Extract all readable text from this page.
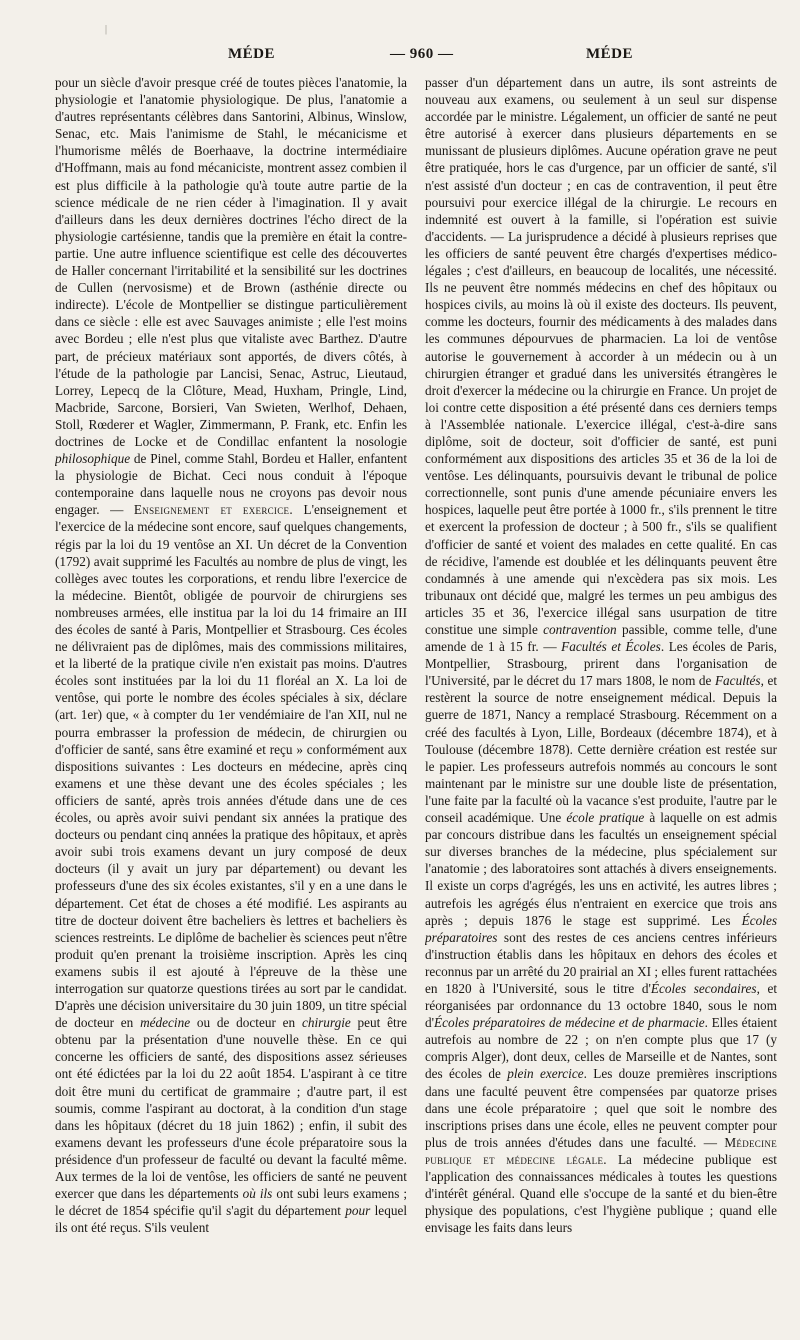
|
MÉDE	— 960 —	MÉDE

pour un siècle d'avoir presque créé de toutes pièces l'anatomie, la physiologie et l'anatomie physiologique. De plus, l'anatomie a d'autres représentants célèbres dans Santorini, Albinus, Winslow, Senac, etc. Mais l'animisme de Stahl, le mécanicisme et l'humorisme mêlés de Boerhaave, la doctrine intermédiaire d'Hoffmann, mais au fond mécaniciste, montrent assez combien il est plus difficile à la pathologie qu'à toute autre partie de la science médicale de ne rien céder à l'imagination. Il y avait d'ailleurs dans les deux dernières doctrines l'écho direct de la physiologie cartésienne, tandis que la première en était la contre-partie. Une autre influence scientifique est celle des découvertes de Haller concernant l'irritabilité et la sensibilité sur les doctrines de Cullen (nervosisme) et de Brown (asthénie directe ou indirecte). L'école de Montpellier se distingue particulièrement dans ce siècle : elle est avec Sauvages animiste ; elle l'est moins avec Bordeu ; elle n'est plus que vitaliste avec Barthez. D'autre part, de précieux matériaux sont apportés, de divers côtés, à l'étude de la pathologie par Lancisi, Senac, Astruc, Lieutaud, Lorrey, Lepecq de la Clôture, Mead, Huxham, Pringle, Lind, Macbride, Sarcone, Borsieri, Van Swieten, Werlhof, Dehaen, Stoll, Rœderer et Wagler, Zimmermann, P. Frank, etc. Enfin les doctrines de Locke et de Condillac enfantent la nosologie philosophique de Pinel, comme Stahl, Bordeu et Haller, enfantent la physiologie de Bichat. Ceci nous conduit à l'époque contemporaine dans laquelle nous ne croyons pas devoir nous engager. — Enseignement et exercice. L'enseignement et l'exercice de la médecine sont encore, sauf quelques changements, régis par la loi du 19 ventôse an XI. Un décret de la Convention (1792) avait supprimé les Facultés au nombre de plus de vingt, les collèges avec toutes les corporations, et rendu libre l'exercice de la médecine. Bientôt, obligée de pourvoir de chirurgiens ses nombreuses armées, elle institua par la loi du 14 frimaire an III des écoles de santé à Paris, Montpellier et Strasbourg. Ces écoles ne délivraient pas de diplômes, mais des commissions militaires, et la liberté de la pratique civile n'en existait pas moins. D'autres écoles sont instituées par la loi du 11 floréal an X. La loi de ventôse, qui porte le nombre des écoles spéciales à six, déclare (art. 1er) que, « à compter du 1er vendémiaire de l'an XII, nul ne pourra embrasser la profession de médecin, de chirurgien ou d'officier de santé, sans être examiné et reçu » conformément aux dispositions suivantes : Les docteurs en médecine, après cinq examens et une thèse devant une des écoles spéciales ; les officiers de santé, après trois années d'étude dans une de ces écoles, ou après avoir suivi pendant six années la pratique des docteurs ou pendant cinq années la pratique des hôpitaux, et après avoir subi trois examens devant un jury composé de deux docteurs (il y avait un jury par département) ou devant les professeurs d'une des six écoles existantes, s'il y en a une dans le département. Cet état de choses a été modifié. Les aspirants au titre de docteur doivent être bacheliers ès lettres et bacheliers ès sciences restreints. Le diplôme de bachelier ès sciences peut n'être produit qu'en prenant la troisième inscription. Après les cinq examens subis il est ajouté à l'épreuve de la thèse une interrogation sur quatorze questions tirées au sort par le candidat. D'après une décision universitaire du 30 juin 1809, un titre spécial de docteur en médecine ou de docteur en chirurgie peut être obtenu par la présentation d'une nouvelle thèse. En ce qui concerne les officiers de santé, des dispositions assez sérieuses ont été édictées par la loi du 22 août 1854. L'aspirant à ce titre doit être muni du certificat de grammaire ; d'autre part, il est soumis, comme l'aspirant au doctorat, à la condition d'un stage dans les hôpitaux (décret du 18 juin 1862) ; enfin, il subit des examens devant les professeurs d'une école préparatoire sous la présidence d'un professeur de faculté ou devant la faculté même. Aux termes de la loi de ventôse, les officiers de santé ne peuvent exercer que dans les départements où ils ont subi leurs examens ; le décret de 1854 spécifie qu'il s'agit du département pour lequel ils ont été reçus. S'ils veulent

passer d'un département dans un autre, ils sont astreints de nouveau aux examens, ou seulement à un seul sur dispense accordée par le ministre. Légalement, un officier de santé ne peut être autorisé à exercer dans plusieurs départements en se munissant de plusieurs diplômes. Aucune opération grave ne peut être pratiquée, hors le cas d'urgence, par un officier de santé, s'il n'est assisté d'un docteur ; en cas de contravention, il peut être poursuivi pour exercice illégal de la chirurgie. Le recours en indemnité est ouvert à la famille, si l'opération est suivie d'accidents. — La jurisprudence a décidé à plusieurs reprises que les officiers de santé peuvent être chargés d'expertises médico-légales ; c'est d'ailleurs, en beaucoup de localités, une nécessité. Ils ne peuvent être nommés médecins en chef des hôpitaux ou hospices civils, au moins là où il existe des docteurs. Ils peuvent, comme les docteurs, fournir des médicaments à des malades dans les communes dépourvues de pharmacien. La loi de ventôse autorise le gouvernement à accorder à un médecin ou à un chirurgien étranger et gradué dans les universités étrangères le droit d'exercer la médecine ou la chirurgie en France. Un projet de loi contre cette disposition a été présenté dans ces derniers temps à l'Assemblée nationale. L'exercice illégal, c'est-à-dire sans diplôme, soit de docteur, soit d'officier de santé, est puni conformément aux dispositions des articles 35 et 36 de la loi de ventôse. Les délinquants, poursuivis devant le tribunal de police correctionnelle, sont punis d'une amende pécuniaire envers les hospices, laquelle peut être portée à 1000 fr., s'ils prennent le titre et exercent la profession de docteur ; à 500 fr., s'ils se qualifient d'officier de santé et voient des malades en cette qualité. En cas de récidive, l'amende est doublée et les délinquants peuvent être condamnés à une amende qui n'excèdera pas six mois. Les tribunaux ont décidé que, malgré les termes un peu ambigus des articles 35 et 36, l'exercice illégal sans usurpation de titre constitue une simple contravention passible, comme telle, d'une amende de 1 à 15 fr. — Facultés et Écoles. Les écoles de Paris, Montpellier, Strasbourg, prirent dans l'organisation de l'Université, par le décret du 17 mars 1808, le nom de Facultés, et restèrent la source de notre enseignement médical. Depuis la guerre de 1871, Nancy a remplacé Strasbourg. Récemment on a créé des facultés à Lyon, Lille, Bordeaux (décembre 1874), et à Toulouse (décembre 1878). Cette dernière création est restée sur le papier. Les professeurs autrefois nommés au concours le sont maintenant par le ministre sur une double liste de présentation, l'une faite par la faculté où la vacance s'est produite, l'autre par le conseil académique. Une école pratique à laquelle on est admis par concours distribue dans les facultés un enseignement spécial sur diverses branches de la médecine, plus spécialement sur l'anatomie ; des laboratoires sont attachés à divers enseignements. Il existe un corps d'agrégés, les uns en activité, les autres libres ; autrefois les agrégés élus n'entraient en exercice que trois ans après ; depuis 1876 le stage est supprimé. Les Écoles préparatoires sont des restes de ces anciens centres inférieurs d'instruction établis dans les hôpitaux en dehors des écoles et reconnus par un arrêté du 20 prairial an XI ; elles furent rattachées en 1820 à l'Université, sous le titre d'Écoles secondaires, et réorganisées par ordonnance du 13 octobre 1840, sous le nom d'Écoles préparatoires de médecine et de pharmacie. Elles étaient autrefois au nombre de 22 ; on n'en compte plus que 17 (y compris Alger), dont deux, celles de Marseille et de Nantes, sont des écoles de plein exercice. Les douze premières inscriptions dans une faculté peuvent être compensées par quatorze prises dans une école préparatoire ; quel que soit le nombre des inscriptions prises dans une école, elles ne peuvent compter pour plus de trois années d'études dans une faculté. — Médecine publique et médecine légale. La médecine publique est l'application des connaissances médicales à toutes les questions d'intérêt général. Quand elle s'occupe de la santé et du bien-être physique des populations, c'est l'hygiène publique ; quand elle envisage les faits dans leurs
